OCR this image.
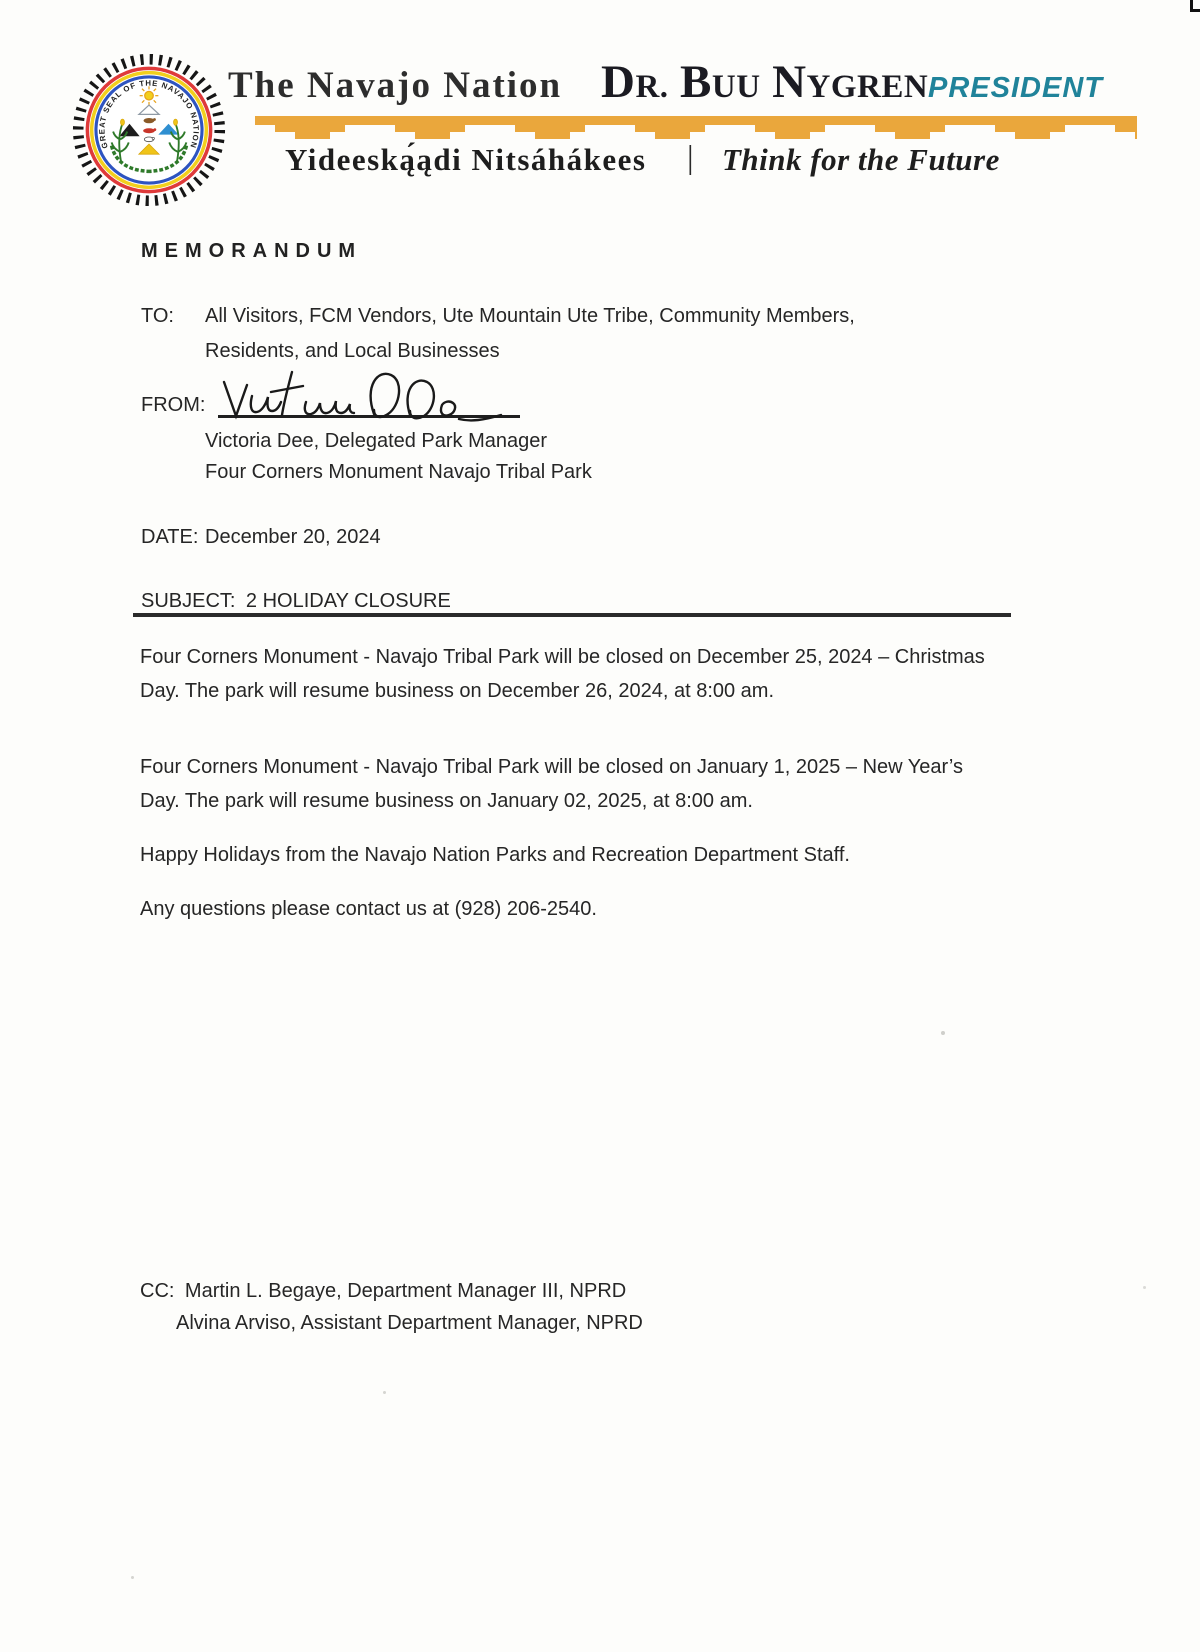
GREAT SEAL OF THE NAVAJO NATION
The Navajo Nation DR. BUU NYGREN PRESIDENT
Yideeską́ądi Nitsáhákees | Think for the Future
MEMORANDUM
TO: All Visitors, FCM Vendors, Ute Mountain Ute Tribe, Community Members,
Residents, and Local Businesses
FROM:
Victoria Dee, Delegated Park Manager
Four Corners Monument Navajo Tribal Park
DATE: December 20, 2024
SUBJECT: 2 HOLIDAY CLOSURE
Four Corners Monument - Navajo Tribal Park will be closed on December 25, 2024 – Christmas
Day. The park will resume business on December 26, 2024, at 8:00 am.
Four Corners Monument - Navajo Tribal Park will be closed on January 1, 2025 – New Year’s
Day. The park will resume business on January 02, 2025, at 8:00 am.
Happy Holidays from the Navajo Nation Parks and Recreation Department Staff.
Any questions please contact us at (928) 206-2540.
CC: Martin L. Begaye, Department Manager III, NPRD
Alvina Arviso, Assistant Department Manager, NPRD
